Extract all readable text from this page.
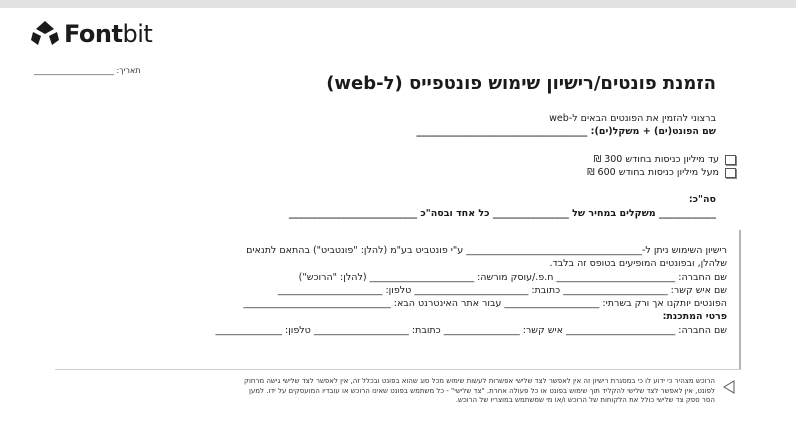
Fontbit
תאריך: ____________________
הזמנת פונטים/רישיון שימוש פונטפייס (ל-web)

ברצוני להזמין את הפונטים הבאים ל-web

שם הפונט(ים) + משקל(ים): ____________________________________

עד מיליון כניסות בחודש 300 ₪
מעל מיליון כניסות בחודש 600 ₪

סה"כ:

____________ משקלים במחיר של ________________ כל אחד ובסה"כ ___________________________

רישיון השימוש ניתן ל-_____________________________________ ע"י פונטביט בע"מ (להלן: "פונטביט") בהתאם לתנאים

שלהלן, ובפונטים המופיעים בטופס זה בלבד.

שם החברה: _________________________ ח.פ./עוסק מורשה: ______________________ (להלן: "הרוכש")

שם איש קשר: ______________________ כתובת: ________________________ טלפון: ______________________

הפונטים יותקנו אך ורק בשרתי: ____________________ עבור אתר האינטרנט הבא: _______________________________

פרטי המתכנת:

שם החברה: _______________________ איש קשר: ________________ כתובת: ____________________ טלפון: ______________

הרוכש מצהיר כי ידוע לו כי במסגרת רישיון זה אין לאפשר לצד שלישי אפשרות לעשות שימוש מכל סוג שהוא בפונט ובכלל זה, אין לאפשר לצד שלישי גישה מרחוק

לפונט, אין לאפשר לצד שלישי להקליד תוך שימוש בפונט או כל פעולה אחרת. "צד שלישי" - כל משתמש בפונט שאינו הרוכש או עובדיו המועסקים על ידו. למען

הסר ספק צד שלישי כולל את הלקוחות של הרוכש ו/או מי שמשתמש במוצריו של הרוכש.
